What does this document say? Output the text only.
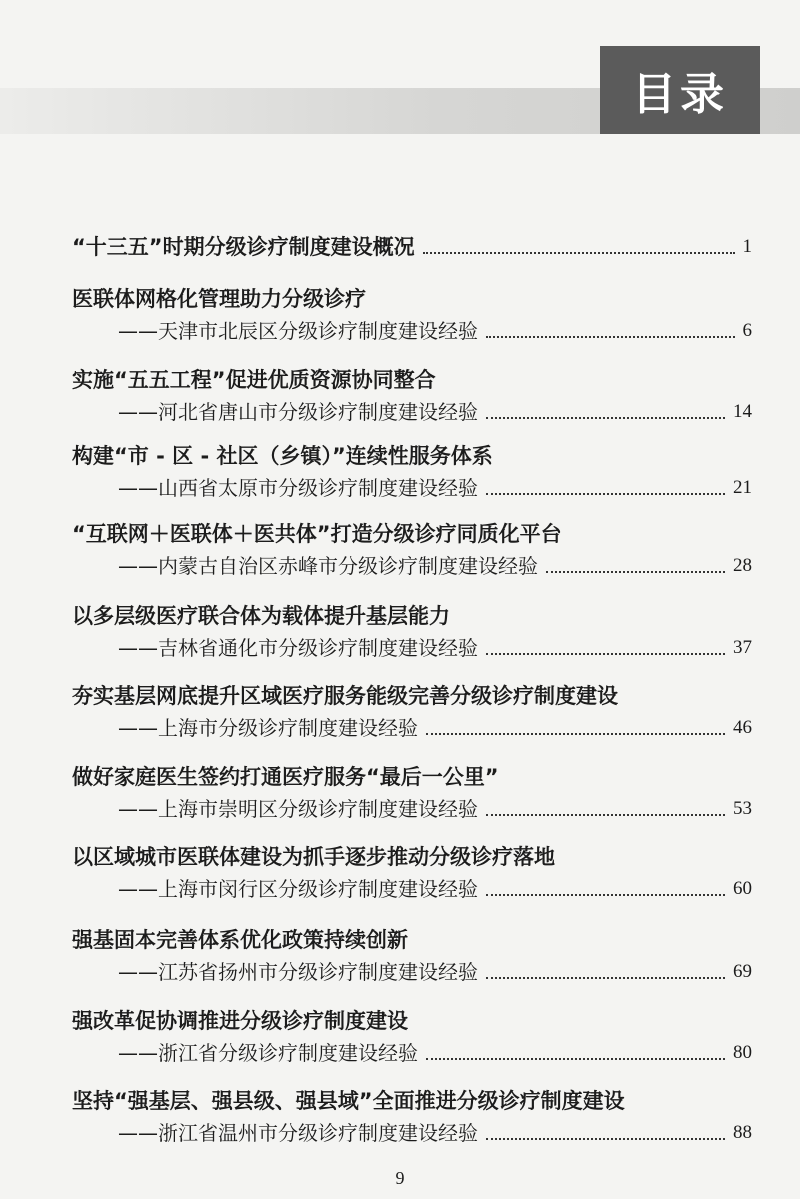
目录
“十三五”时期分级诊疗制度建设概况	1
医联体网格化管理助力分级诊疗
——天津市北辰区分级诊疗制度建设经验	6
实施“五五工程”促进优质资源协同整合
——河北省唐山市分级诊疗制度建设经验	14
构建“市 - 区 - 社区（乡镇）”连续性服务体系
——山西省太原市分级诊疗制度建设经验	21
“互联网＋医联体＋医共体”打造分级诊疗同质化平台
——内蒙古自治区赤峰市分级诊疗制度建设经验	28
以多层级医疗联合体为载体提升基层能力
——吉林省通化市分级诊疗制度建设经验	37
夯实基层网底提升区域医疗服务能级完善分级诊疗制度建设
——上海市分级诊疗制度建设经验	46
做好家庭医生签约打通医疗服务“最后一公里”
——上海市崇明区分级诊疗制度建设经验	53
以区域城市医联体建设为抓手逐步推动分级诊疗落地
——上海市闵行区分级诊疗制度建设经验	60
强基固本完善体系优化政策持续创新
——江苏省扬州市分级诊疗制度建设经验	69
强改革促协调推进分级诊疗制度建设
——浙江省分级诊疗制度建设经验	80
坚持“强基层、强县级、强县域”全面推进分级诊疗制度建设
——浙江省温州市分级诊疗制度建设经验	88
9
